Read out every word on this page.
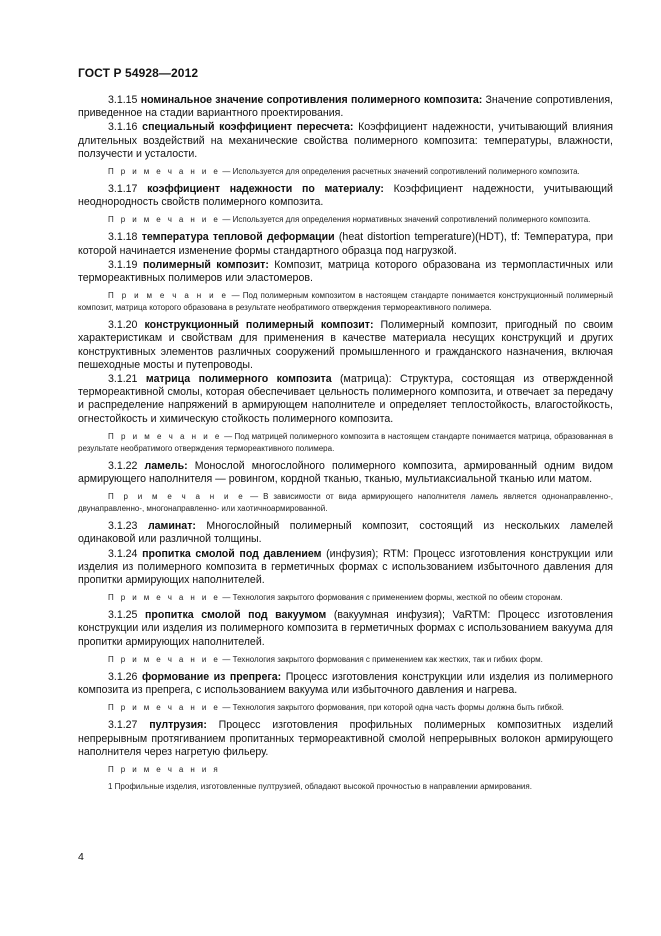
ГОСТ Р 54928—2012
3.1.15 номинальное значение сопротивления полимерного композита: Значение сопротивления, приведенное на стадии вариантного проектирования.
3.1.16 специальный коэффициент пересчета: Коэффициент надежности, учитывающий влияния длительных воздействий на механические свойства полимерного композита: температуры, влажности, ползучести и усталости.
П р и м е ч а н и е — Используется для определения расчетных значений сопротивлений полимерного композита.
3.1.17 коэффициент надежности по материалу: Коэффициент надежности, учитывающий неоднородность свойств полимерного композита.
П р и м е ч а н и е — Используется для определения нормативных значений сопротивлений полимерного композита.
3.1.18 температура тепловой деформации (heat distortion temperature)(HDT), tf: Температура, при которой начинается изменение формы стандартного образца под нагрузкой.
3.1.19 полимерный композит: Композит, матрица которого образована из термопластичных или термореактивных полимеров или эластомеров.
П р и м е ч а н и е — Под полимерным композитом в настоящем стандарте понимается конструкционный полимерный композит, матрица которого образована в результате необратимого отверждения термореактивного полимера.
3.1.20 конструкционный полимерный композит: Полимерный композит, пригодный по своим характеристикам и свойствам для применения в качестве материала несущих конструкций и других конструктивных элементов различных сооружений промышленного и гражданского назначения, включая пешеходные мосты и путепроводы.
3.1.21 матрица полимерного композита (матрица): Структура, состоящая из отвержденной термореактивной смолы, которая обеспечивает цельность полимерного композита, и отвечает за передачу и распределение напряжений в армирующем наполнителе и определяет теплостойкость, влагостойкость, огнестойкость и химическую стойкость полимерного композита.
П р и м е ч а н и е — Под матрицей полимерного композита в настоящем стандарте понимается матрица, образованная в результате необратимого отверждения термореактивного полимера.
3.1.22 ламель: Монослой многослойного полимерного композита, армированный одним видом армирующего наполнителя — ровингом, кордной тканью, тканью, мультиаксиальной тканью или матом.
П р и м е ч а н и е — В зависимости от вида армирующего наполнителя ламель является однонаправленно-, двунаправленно-, многонаправленно- или хаотичноармированной.
3.1.23 ламинат: Многослойный полимерный композит, состоящий из нескольких ламелей одинаковой или различной толщины.
3.1.24 пропитка смолой под давлением (инфузия); RTM: Процесс изготовления конструкции или изделия из полимерного композита в герметичных формах с использованием избыточного давления для пропитки армирующих наполнителей.
П р и м е ч а н и е — Технология закрытого формования с применением формы, жесткой по обеим сторонам.
3.1.25 пропитка смолой под вакуумом (вакуумная инфузия); VaRTM: Процесс изготовления конструкции или изделия из полимерного композита в герметичных формах с использованием вакуума для пропитки армирующих наполнителей.
П р и м е ч а н и е — Технология закрытого формования с применением как жестких, так и гибких форм.
3.1.26 формование из препрега: Процесс изготовления конструкции или изделия из полимерного композита из препрега, с использованием вакуума или избыточного давления и нагрева.
П р и м е ч а н и е — Технология закрытого формования, при которой одна часть формы должна быть гибкой.
3.1.27 пултрузия: Процесс изготовления профильных полимерных композитных изделий непрерывным протягиванием пропитанных термореактивной смолой непрерывных волокон армирующего наполнителя через нагретую фильеру.
П р и м е ч а н и я
1 Профильные изделия, изготовленные пултрузией, обладают высокой прочностью в направлении армирования.
4
